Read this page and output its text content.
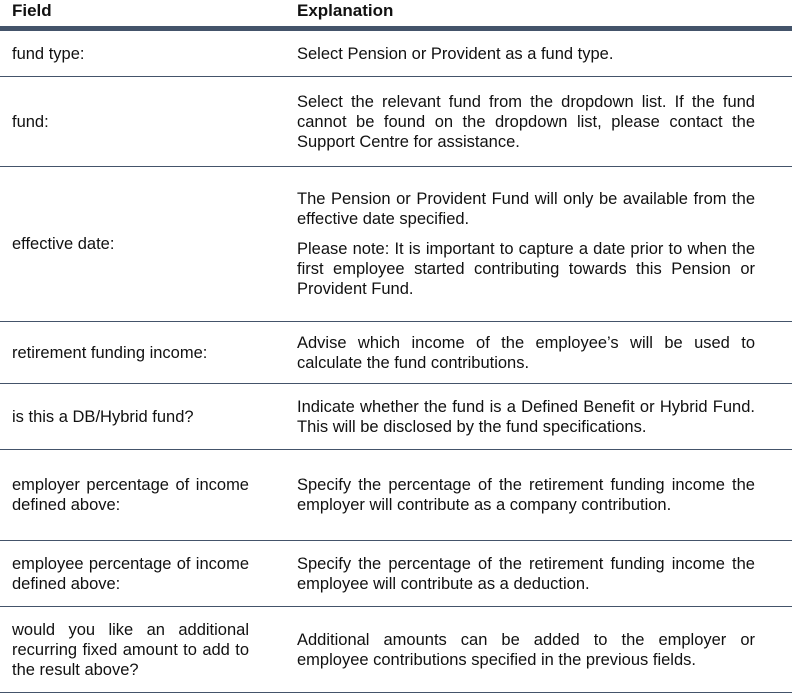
Field	Explanation
fund type:	Select Pension or Provident as a fund type.

fund:

Select the relevant fund from the dropdown list. If the fund cannot be found on the dropdown list, please contact the Support Centre for assistance.

effective date:

The Pension or Provident Fund will only be available from the effective date specified.

Please note: It is important to capture a date prior to when the first employee started contributing towards this Pension or Provident Fund.

retirement funding income:

Advise which income of the employee’s will be used to calculate the fund contributions.

is this a DB/Hybrid fund?

Indicate whether the fund is a Defined Benefit or Hybrid Fund. This will be disclosed by the fund specifications.

employer percentage of income defined above:

Specify the percentage of the retirement funding income the employer will contribute as a company contribution.

employee percentage of income defined above:

Specify the percentage of the retirement funding income the employee will contribute as a deduction.

would you like an additional recurring fixed amount to add to the result above?

Additional amounts can be added to the employer or employee contributions specified in the previous fields.
